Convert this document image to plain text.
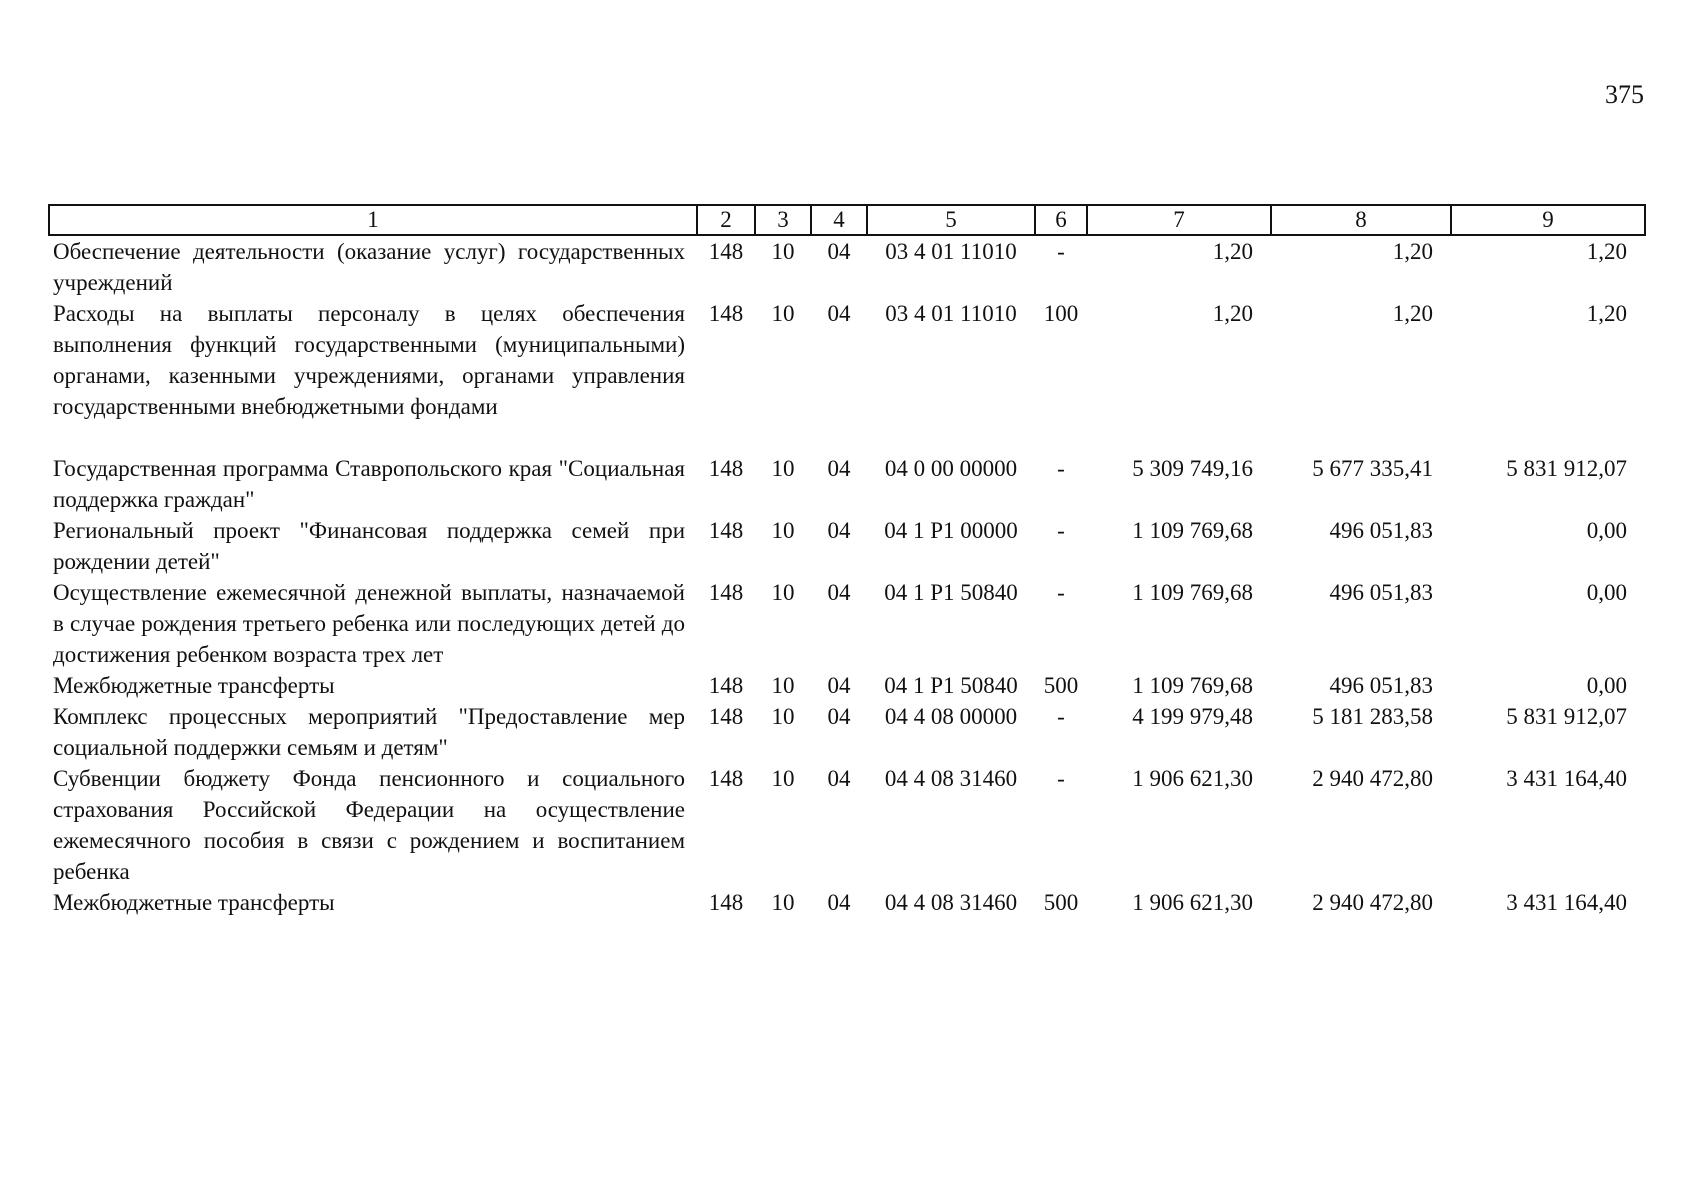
375
1	2	3	4	5	6	7	8	9
Обеспечение деятельности (оказание услуг) государственных учреждений	148	10	04	03 4 01 11010	-	1,20	1,20	1,20
Расходы на выплаты персоналу в целях обеспечения выполнения функций государственными (муниципальными) органами, казенными учреждениями, органами управления государственными внебюджетными фондами	148	10	04	03 4 01 11010	100	1,20	1,20	1,20
Государственная программа Ставропольского края "Социальная поддержка граждан"	148	10	04	04 0 00 00000	-	5 309 749,16	5 677 335,41	5 831 912,07
Региональный проект "Финансовая поддержка семей при рождении детей"	148	10	04	04 1 Р1 00000	-	1 109 769,68	496 051,83	0,00
Осуществление ежемесячной денежной выплаты, назначаемой в случае рождения третьего ребенка или последующих детей до достижения ребенком возраста трех лет	148	10	04	04 1 Р1 50840	-	1 109 769,68	496 051,83	0,00
Межбюджетные трансферты	148	10	04	04 1 Р1 50840	500	1 109 769,68	496 051,83	0,00
Комплекс процессных мероприятий "Предоставление мер социальной поддержки семьям и детям"	148	10	04	04 4 08 00000	-	4 199 979,48	5 181 283,58	5 831 912,07
Субвенции бюджету Фонда пенсионного и социального страхования Российской Федерации на осуществление ежемесячного пособия в связи с рождением и воспитанием ребенка	148	10	04	04 4 08 31460	-	1 906 621,30	2 940 472,80	3 431 164,40
Межбюджетные трансферты	148	10	04	04 4 08 31460	500	1 906 621,30	2 940 472,80	3 431 164,40
